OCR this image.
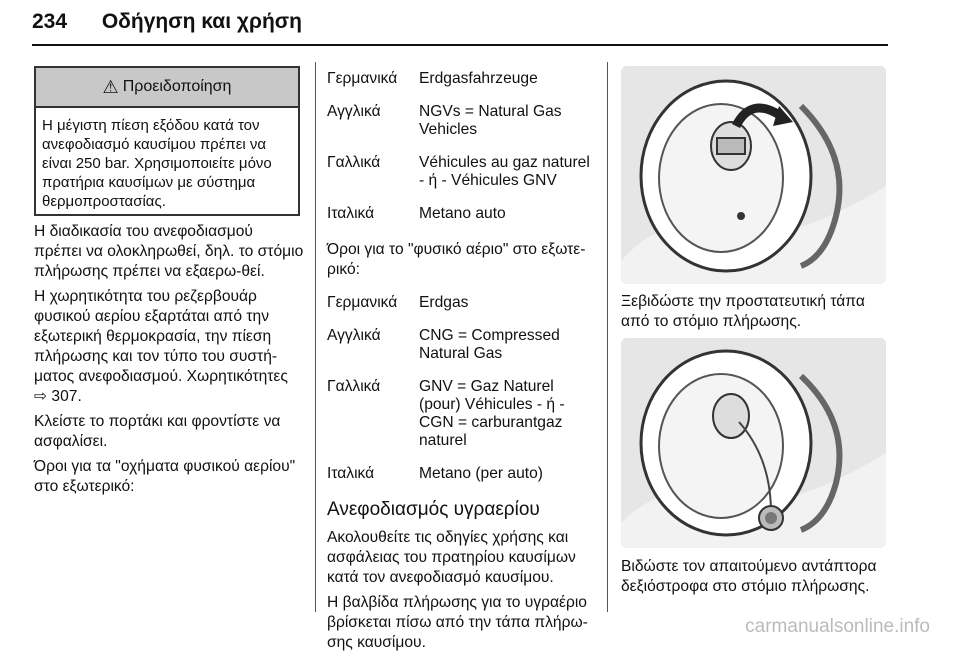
234 Οδήγηση και χρήση
⚠ Προειδοποίηση
Η μέγιστη πίεση εξόδου κατά τον ανεφοδιασμό καυσίμου πρέπει να είναι 250 bar. Χρησιμοποιείτε μόνο πρατήρια καυσίμων με σύστημα θερμοπροστασίας.

Η διαδικασία του ανεφοδιασμού πρέπει να ολοκληρωθεί, δηλ. το στόμιο πλήρωσης πρέπει να εξαερω-θεί.

Η χωρητικότητα του ρεζερβουάρ φυσικού αερίου εξαρτάται από την εξωτερική θερμοκρασία, την πίεση πλήρωσης και τον τύπο του συστή-ματος ανεφοδιασμού. Χωρητικότητες
⇨ 307.

Κλείστε το πορτάκι και φροντίστε να ασφαλίσει.

Όροι για τα "οχήματα φυσικού αερίου" στο εξωτερικό:

Γερμανικά	Erdgasfahrzeuge
Αγγλικά	NGVs = Natural Gas Vehicles
Γαλλικά	Véhicules au gaz naturel - ή - Véhicules GNV
Ιταλικά	Metano auto

Όροι για το "φυσικό αέριο" στο εξωτε-ρικό:

Γερμανικά	Erdgas
Αγγλικά	CNG = Compressed Natural Gas
Γαλλικά	GNV = Gaz Naturel (pour) Véhicules - ή - CGN = carburantgaz naturel
Ιταλικά	Metano (per auto)
Ανεφοδιασμός υγραερίου

Ακολουθείτε τις οδηγίες χρήσης και ασφάλειας του πρατηρίου καυσίμων κατά τον ανεφοδιασμό καυσίμου.

Η βαλβίδα πλήρωσης για το υγραέριο βρίσκεται πίσω από την τάπα πλήρω-σης καυσίμου.

Ξεβιδώστε την προστατευτική τάπα από το στόμιο πλήρωσης.
Βιδώστε τον απαιτούμενο αντάπτορα δεξιόστροφα στο στόμιο πλήρωσης.
carmanualsonline.info
